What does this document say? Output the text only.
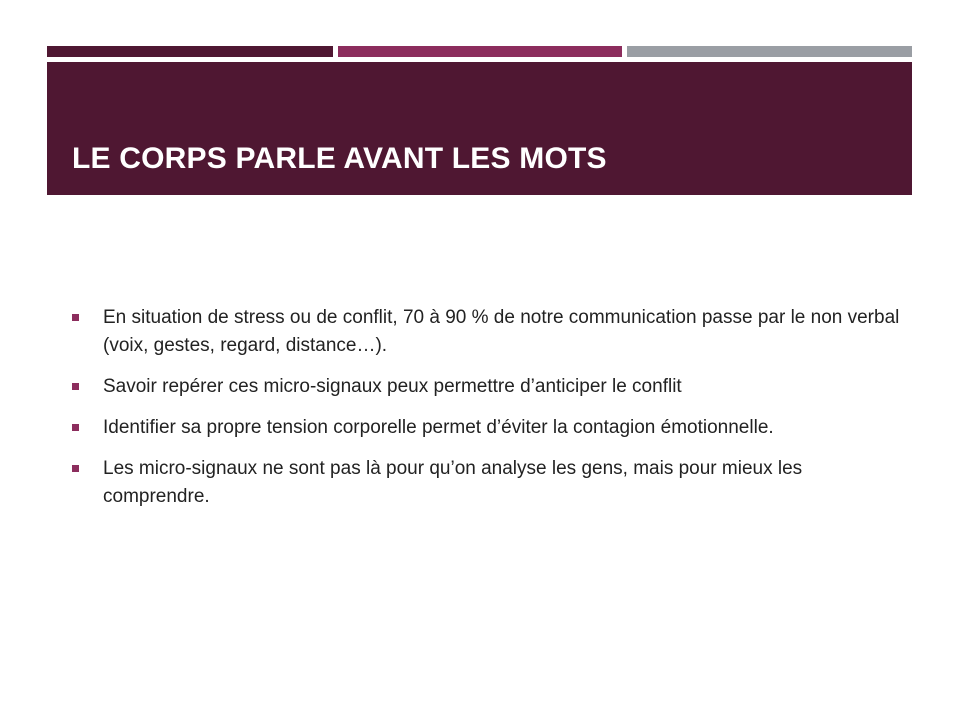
LE CORPS PARLE AVANT LES MOTS
En situation de stress ou de conflit, 70 à 90 % de notre communication passe par le non verbal (voix, gestes, regard, distance…).
Savoir repérer ces micro-signaux peux permettre d’anticiper le conflit
Identifier sa propre tension corporelle permet d’éviter la contagion émotionnelle.
Les micro-signaux ne sont pas là pour qu’on analyse les gens, mais pour mieux les comprendre.
